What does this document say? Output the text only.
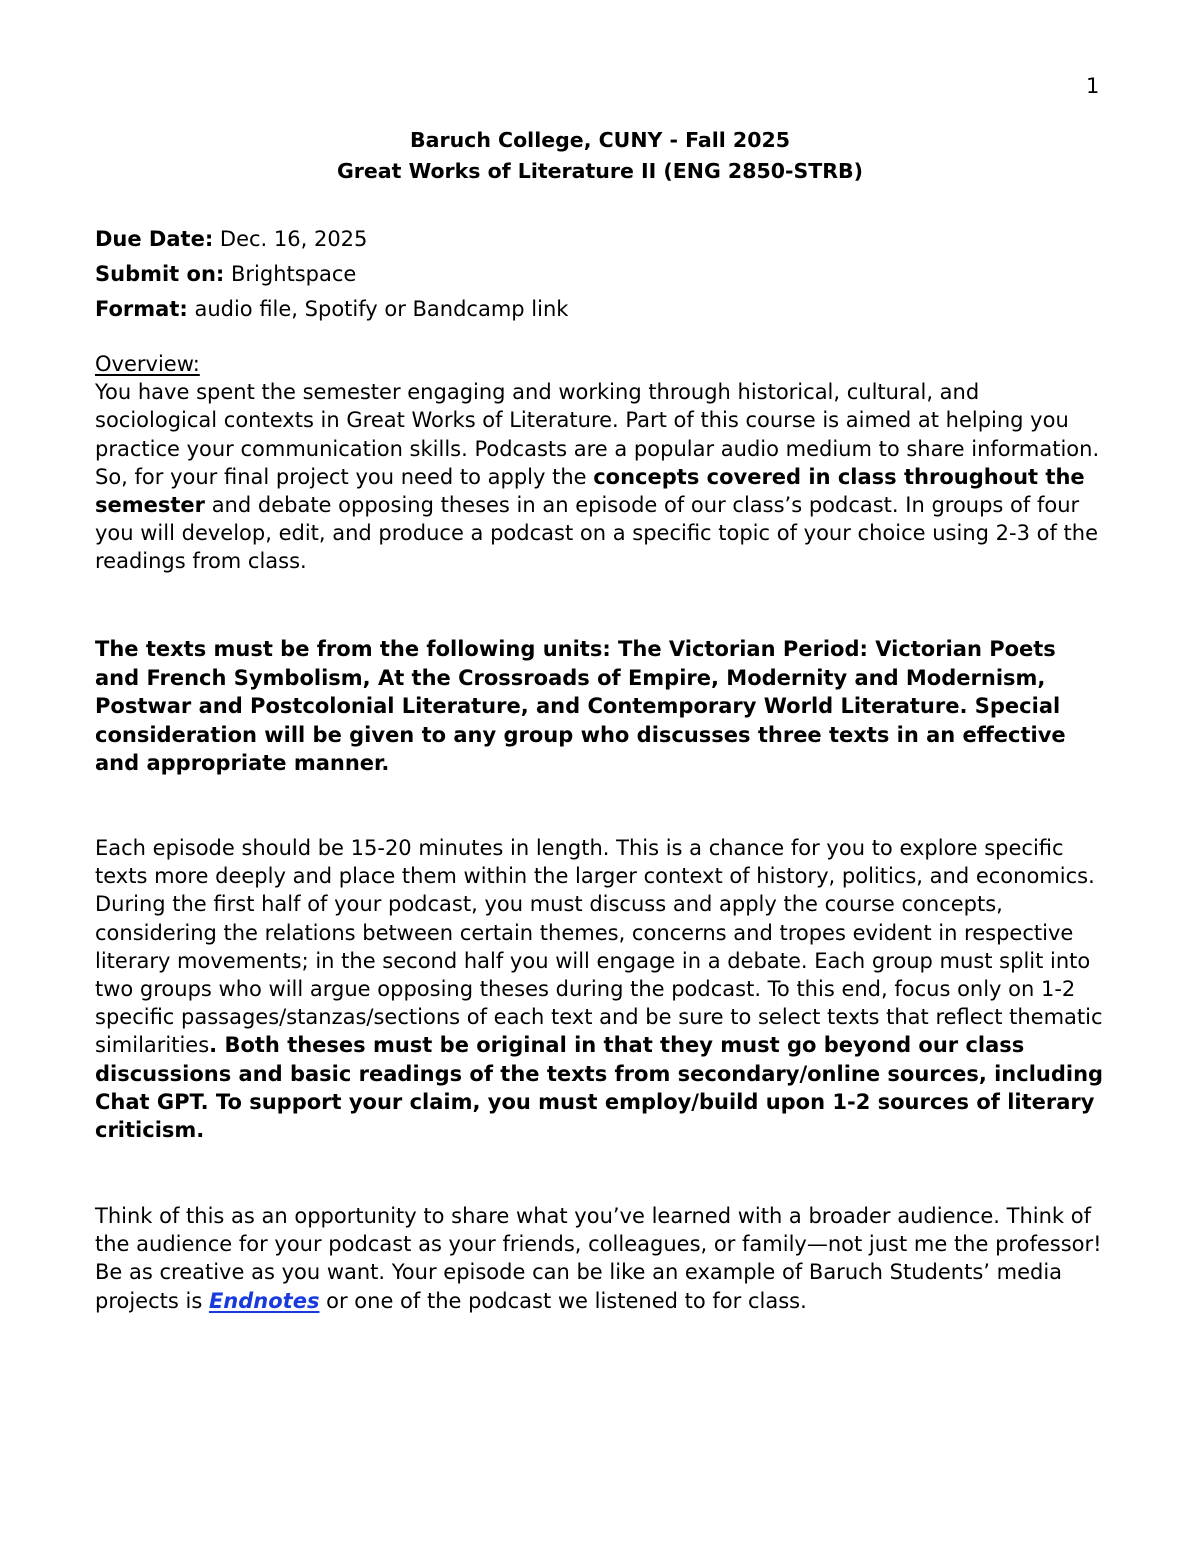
1
Baruch College, CUNY - Fall 2025
Great Works of Literature II (ENG 2850-STRB)
Due Date: Dec. 16, 2025
Submit on: Brightspace
Format: audio file, Spotify or Bandcamp link
Overview:
You have spent the semester engaging and working through historical, cultural, and sociological contexts in Great Works of Literature. Part of this course is aimed at helping you practice your communication skills. Podcasts are a popular audio medium to share information. So, for your final project you need to apply the concepts covered in class throughout the semester and debate opposing theses in an episode of our class’s podcast. In groups of four you will develop, edit, and produce a podcast on a specific topic of your choice using 2-3 of the readings from class.
The texts must be from the following units: The Victorian Period: Victorian Poets and French Symbolism, At the Crossroads of Empire, Modernity and Modernism, Postwar and Postcolonial Literature, and Contemporary World Literature. Special consideration will be given to any group who discusses three texts in an effective and appropriate manner.
Each episode should be 15-20 minutes in length. This is a chance for you to explore specific texts more deeply and place them within the larger context of history, politics, and economics. During the first half of your podcast, you must discuss and apply the course concepts, considering the relations between certain themes, concerns and tropes evident in respective literary movements; in the second half you will engage in a debate. Each group must split into two groups who will argue opposing theses during the podcast. To this end, focus only on 1-2 specific passages/stanzas/sections of each text and be sure to select texts that reflect thematic similarities. Both theses must be original in that they must go beyond our class discussions and basic readings of the texts from secondary/online sources, including Chat GPT. To support your claim, you must employ/build upon 1-2 sources of literary criticism.
Think of this as an opportunity to share what you’ve learned with a broader audience. Think of the audience for your podcast as your friends, colleagues, or family—not just me the professor! Be as creative as you want. Your episode can be like an example of Baruch Students’ media projects is Endnotes or one of the podcast we listened to for class.
